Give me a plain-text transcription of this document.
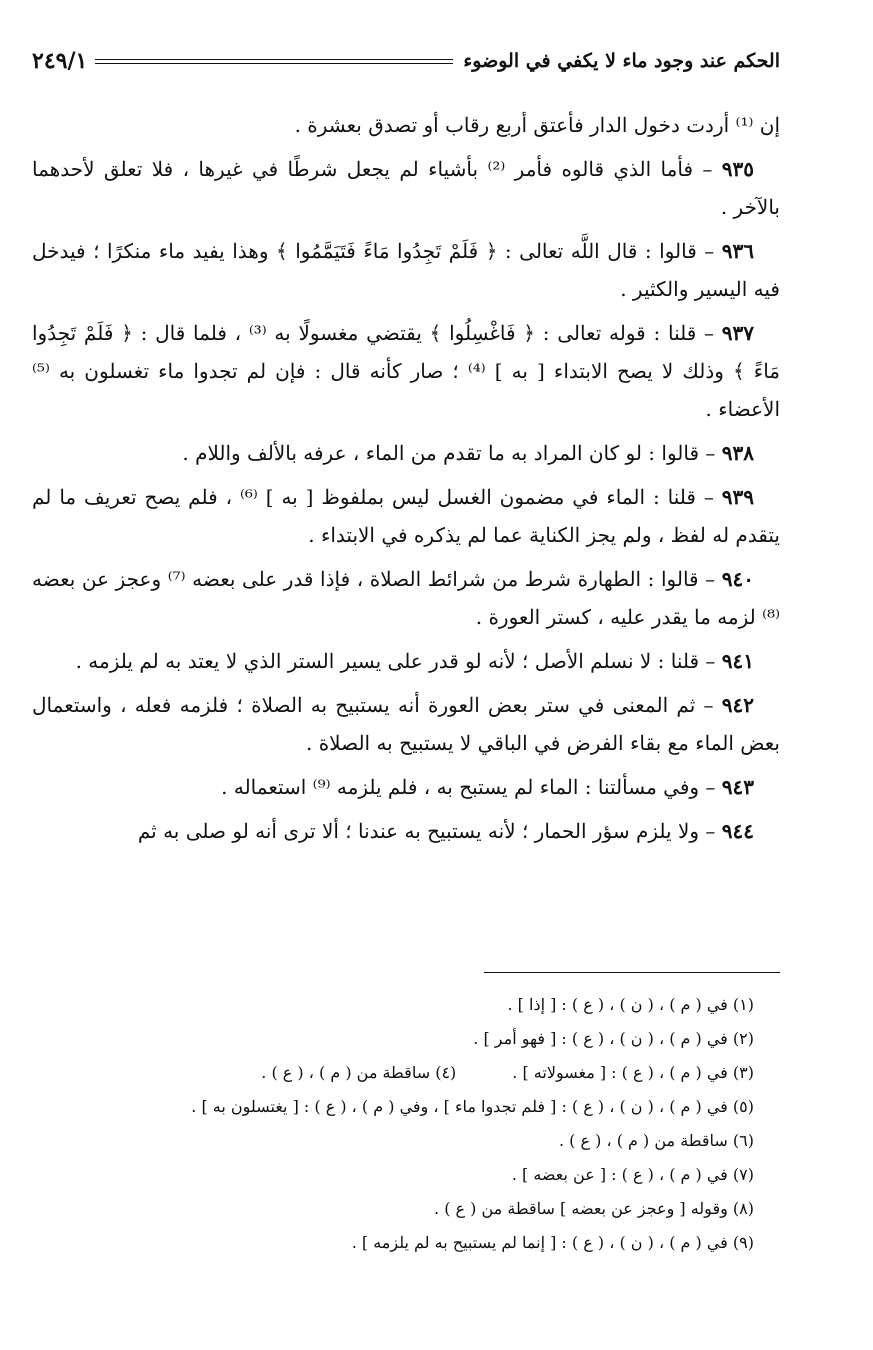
الحكم عند وجود ماء لا يكفي في الوضوء
٢٤٩/١

إن ⁽¹⁾ أردت دخول الدار فأعتق أربع رقاب أو تصدق بعشرة .

٩٣٥ – فأما الذي قالوه فأمر ⁽²⁾ بأشياء لم يجعل شرطًا في غيرها ، فلا تعلق لأحدهما بالآخر .

٩٣٦ – قالوا : قال اللَّه تعالى : ﴿ فَلَمْ تَجِدُوا مَاءً فَتَيَمَّمُوا ﴾ وهذا يفيد ماء منكرًا ؛ فيدخل فيه اليسير والكثير .

٩٣٧ – قلنا : قوله تعالى : ﴿ فَاغْسِلُوا ﴾ يقتضي مغسولًا به ⁽³⁾ ، فلما قال : ﴿ فَلَمْ تَجِدُوا مَاءً ﴾ وذلك لا يصح الابتداء [ به ] ⁽⁴⁾ ؛ صار كأنه قال : فإن لم تجدوا ماء تغسلون به ⁽⁵⁾ الأعضاء .

٩٣٨ – قالوا : لو كان المراد به ما تقدم من الماء ، عرفه بالألف واللام .

٩٣٩ – قلنا : الماء في مضمون الغسل ليس بملفوظ [ به ] ⁽⁶⁾ ، فلم يصح تعريف ما لم يتقدم له لفظ ، ولم يجز الكناية عما لم يذكره في الابتداء .

٩٤٠ – قالوا : الطهارة شرط من شرائط الصلاة ، فإذا قدر على بعضه ⁽⁷⁾ وعجز عن بعضه ⁽⁸⁾ لزمه ما يقدر عليه ، كستر العورة .

٩٤١ – قلنا : لا نسلم الأصل ؛ لأنه لو قدر على يسير الستر الذي لا يعتد به لم يلزمه .

٩٤٢ – ثم المعنى في ستر بعض العورة أنه يستبيح به الصلاة ؛ فلزمه فعله ، واستعمال بعض الماء مع بقاء الفرض في الباقي لا يستبيح به الصلاة .

٩٤٣ – وفي مسألتنا : الماء لم يستبح به ، فلم يلزمه ⁽⁹⁾ استعماله .

٩٤٤ – ولا يلزم سؤر الحمار ؛ لأنه يستبيح به عندنا ؛ ألا ترى أنه لو صلى به ثم

(١) في ( م ) ، ( ن ) ، ( ع ) : [ إذا ] .
(٢) في ( م ) ، ( ن ) ، ( ع ) : [ فهو أمر ] .
(٣) في ( م ) ، ( ع ) : [ مغسولاته ] .
(٤) ساقطة من ( م ) ، ( ع ) .
(٥) في ( م ) ، ( ن ) ، ( ع ) : [ فلم تجدوا ماء ] ، وفي ( م ) ، ( ع ) : [ يغتسلون به ] .
(٦) ساقطة من ( م ) ، ( ع ) .
(٧) في ( م ) ، ( ع ) : [ عن بعضه ] .
(٨) وقوله [ وعجز عن بعضه ] ساقطة من ( ع ) .
(٩) في ( م ) ، ( ن ) ، ( ع ) : [ إنما لم يستبيح به لم يلزمه ] .
